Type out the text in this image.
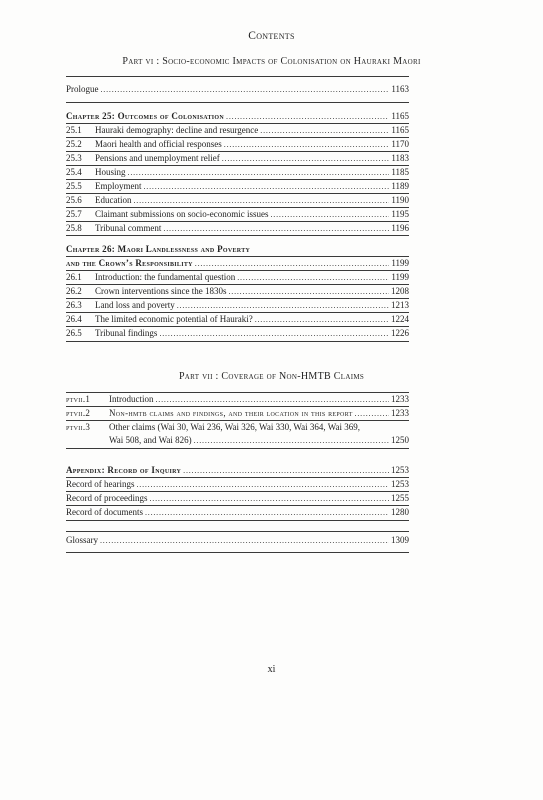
Contents
Part vi : Socio-economic Impacts of Colonisation on Hauraki Maori
Prologue . . .	1163
Chapter 25: Outcomes of Colonisation . . .	1165
25.1	Hauraki demography: decline and resurgence . . .	1165
25.2	Maori health and official responses . . .	1170
25.3	Pensions and unemployment relief . . .	1183
25.4	Housing . . .	1185
25.5	Employment . . .	1189
25.6	Education . . .	1190
25.7	Claimant submissions on socio-economic issues . . .	1195
25.8	Tribunal comment . . .	1196
Chapter 26: Maori Landlessness and Poverty
and the Crown’s Responsibility . . .	1199
26.1	Introduction: the fundamental question . . .	1199
26.2	Crown interventions since the 1830s . . .	1208
26.3	Land loss and poverty . . .	1213
26.4	The limited economic potential of Hauraki? . . .	1224
26.5	Tribunal findings . . .	1226
Part vii : Coverage of Non-HMTB Claims
ptvii.1	Introduction . . .	1233
ptvii.2	Non-hmtb claims and findings, and their location in this report . . .	1233
ptvii.3	Other claims (Wai 30, Wai 236, Wai 326, Wai 330, Wai 364, Wai 369,
Wai 508, and Wai 826) . . .	1250
Appendix: Record of Inquiry . . .	1253
Record of hearings . . .	1253
Record of proceedings . . .	1255
Record of documents . . .	1280
Glossary . . .	1309
xi
